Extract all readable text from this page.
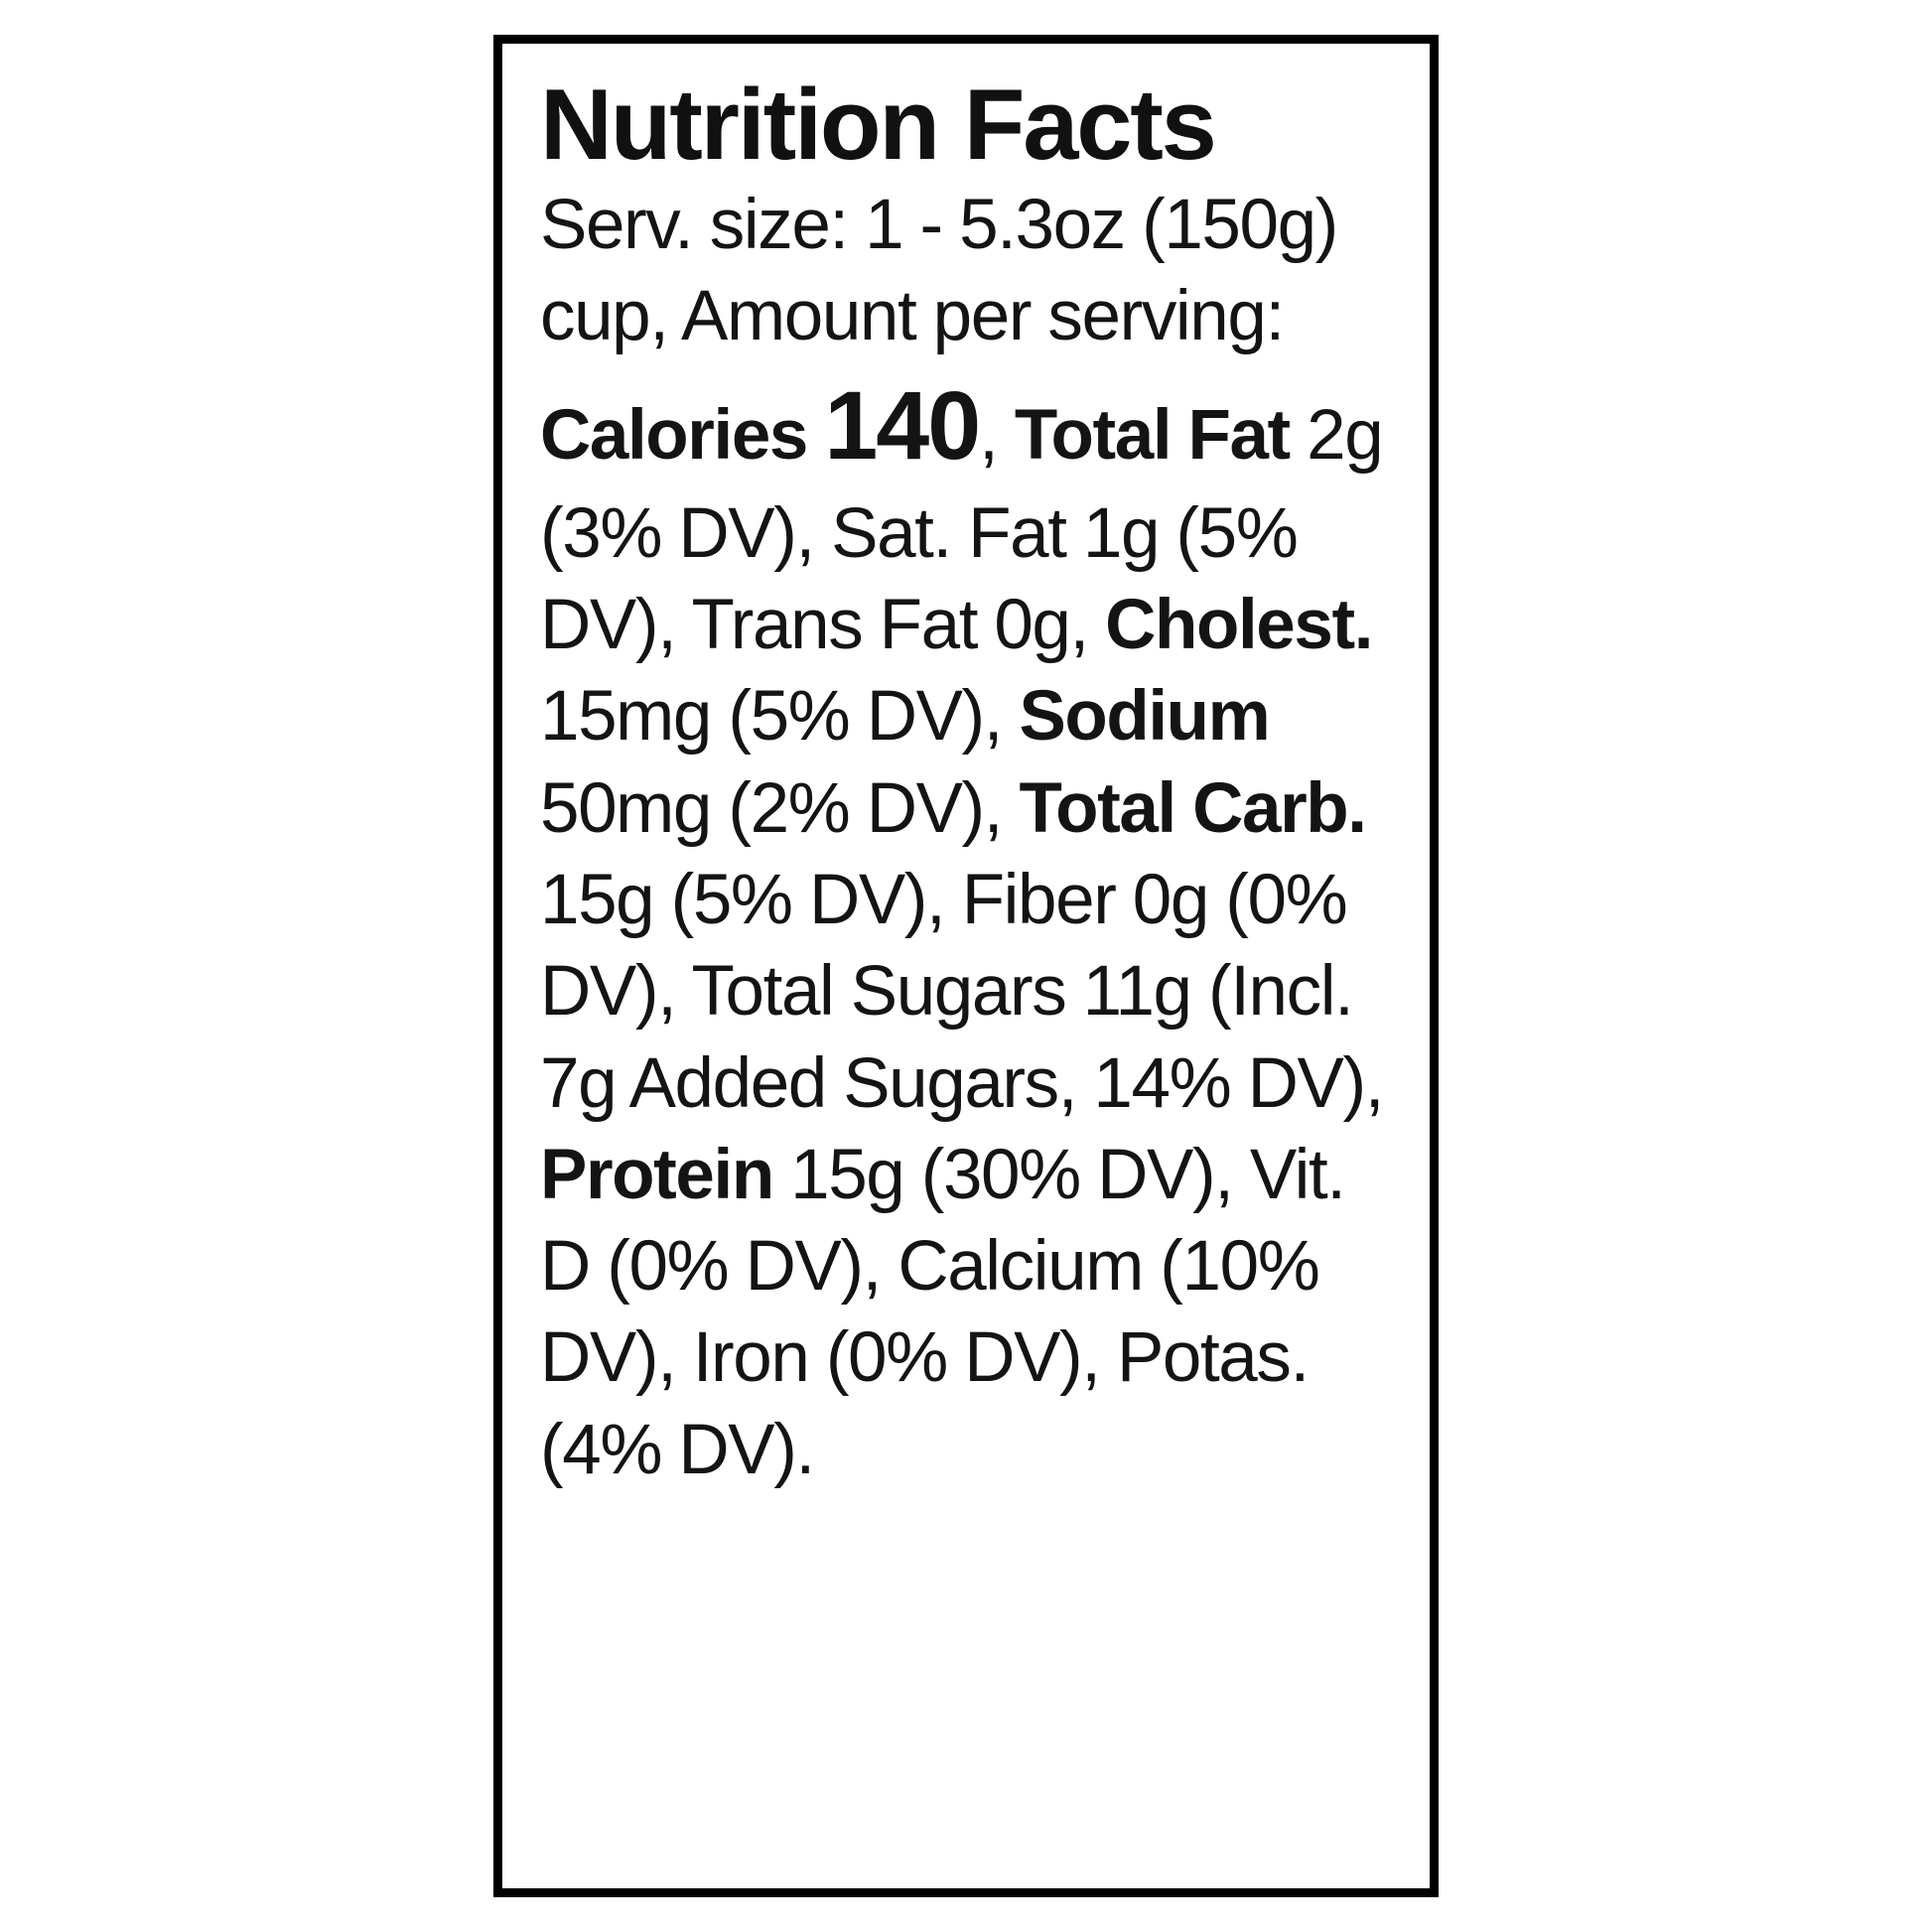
Nutrition Facts
Serv. size: 1 - 5.3oz (150g) cup, Amount per serving: Calories 140, Total Fat 2g (3% DV), Sat. Fat 1g (5% DV), Trans Fat 0g, Cholest. 15mg (5% DV), Sodium 50mg (2% DV), Total Carb. 15g (5% DV), Fiber 0g (0% DV), Total Sugars 11g (Incl. 7g Added Sugars, 14% DV), Protein 15g (30% DV), Vit. D (0% DV), Calcium (10% DV), Iron (0% DV), Potas. (4% DV).
